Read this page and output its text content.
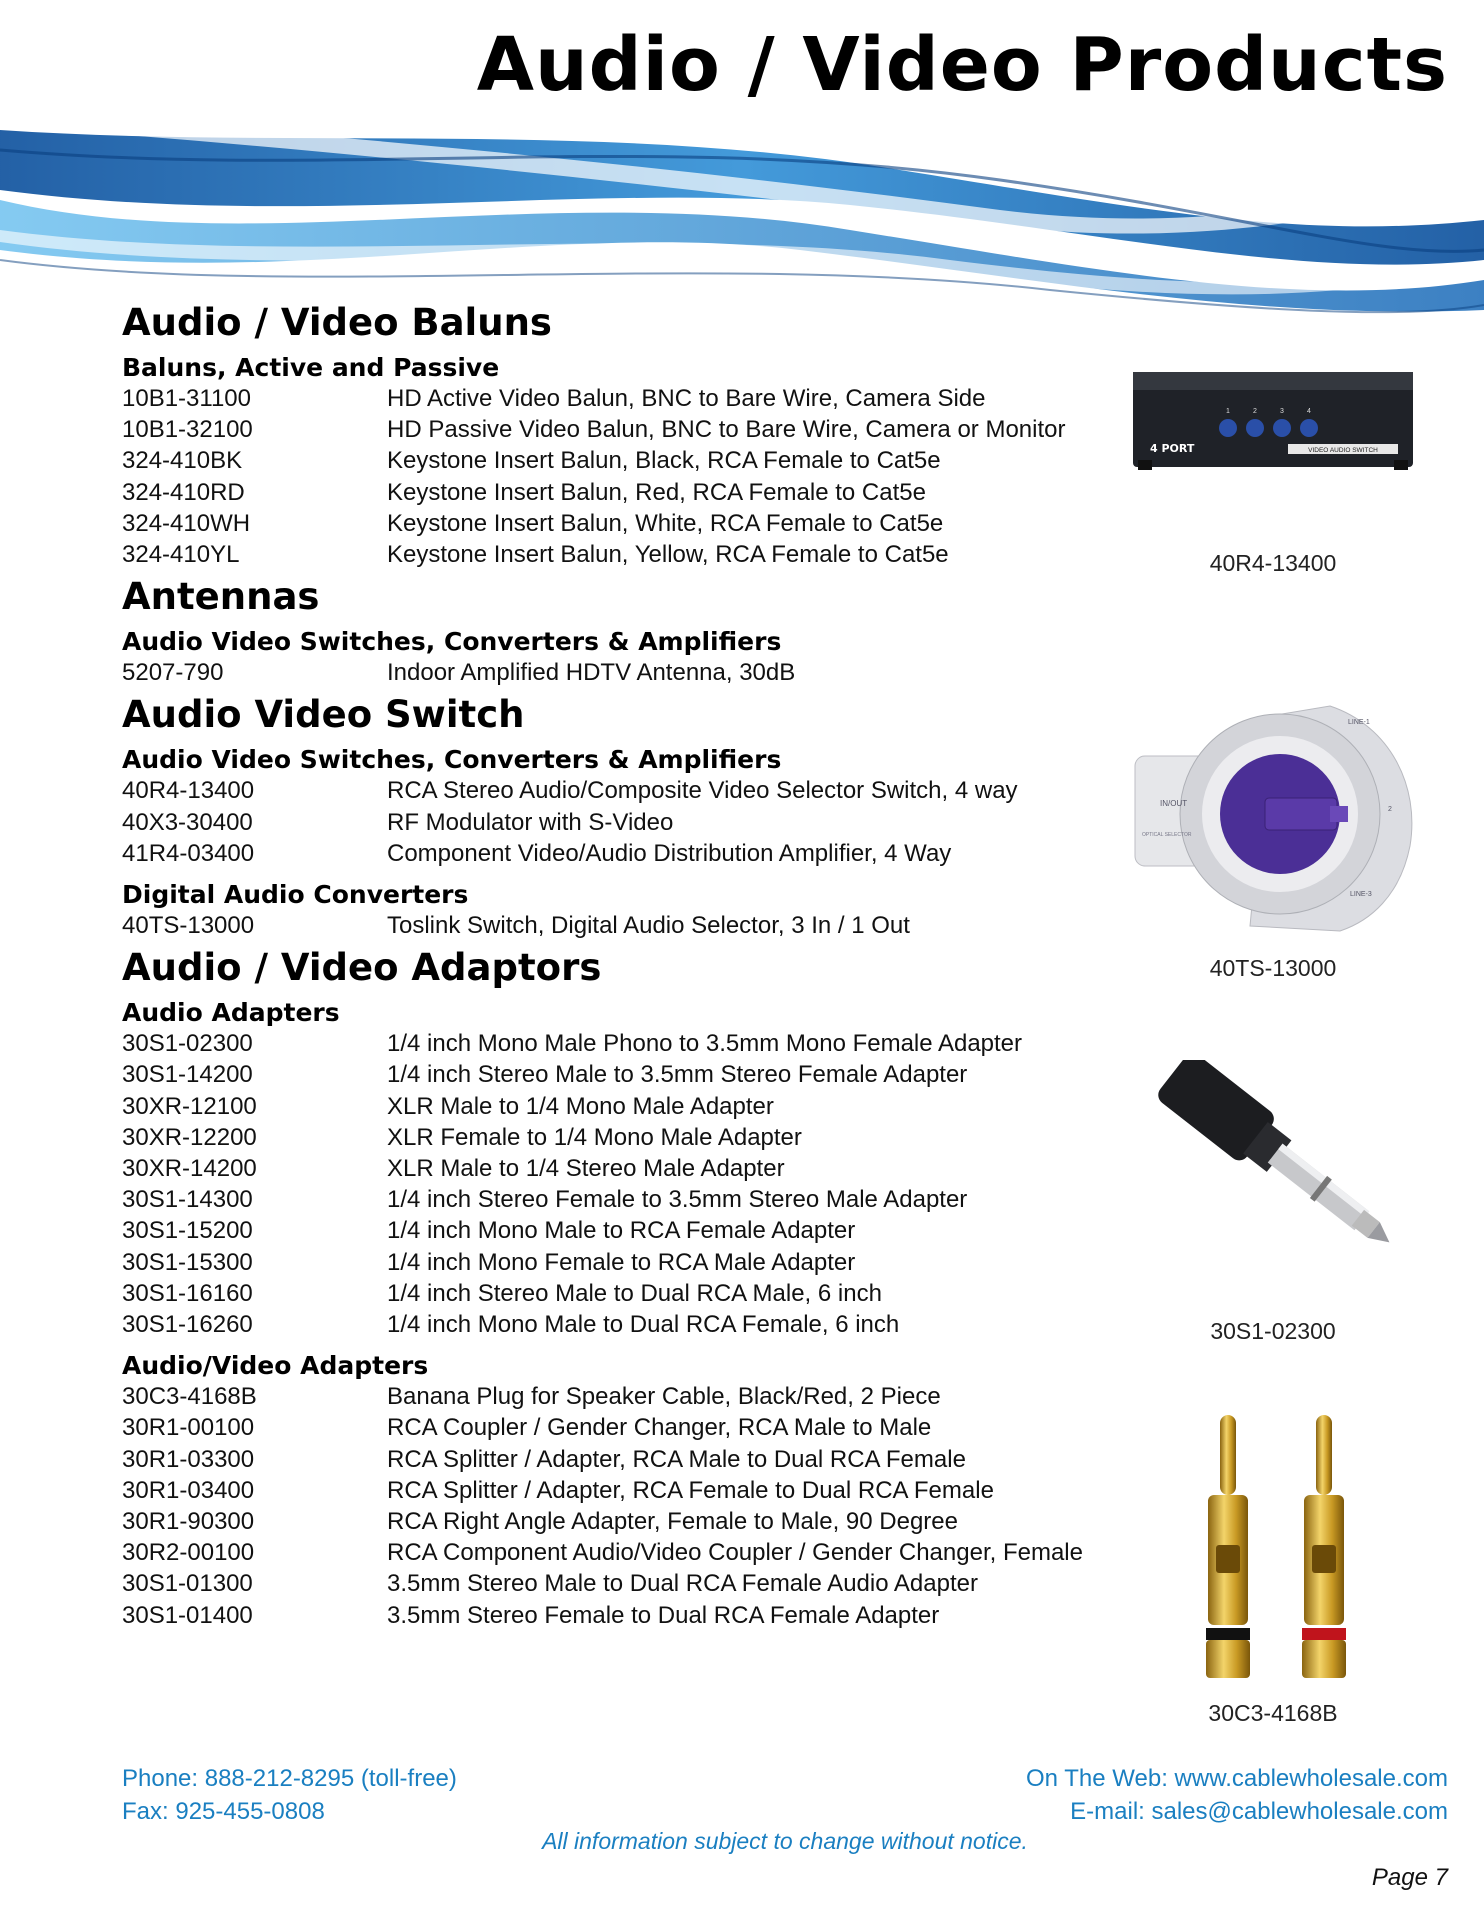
Audio / Video Products
Audio / Video Baluns
Baluns, Active and Passive
10B1-31100	HD Active Video Balun, BNC to Bare Wire, Camera Side
10B1-32100	HD Passive Video Balun, BNC to Bare Wire, Camera or Monitor
324-410BK	Keystone Insert Balun, Black, RCA Female to Cat5e
324-410RD	Keystone Insert Balun, Red, RCA Female to Cat5e
324-410WH	Keystone Insert Balun, White, RCA Female to Cat5e
324-410YL	Keystone Insert Balun, Yellow, RCA Female to Cat5e
Antennas
Audio Video Switches, Converters & Amplifiers
5207-790	Indoor Amplified HDTV Antenna, 30dB
Audio Video Switch
Audio Video Switches, Converters & Amplifiers
40R4-13400	RCA Stereo Audio/Composite Video Selector Switch, 4 way
40X3-30400	RF Modulator with S-Video
41R4-03400	Component Video/Audio Distribution Amplifier, 4 Way
Digital Audio Converters
40TS-13000	Toslink Switch, Digital Audio Selector, 3 In / 1 Out
Audio / Video Adaptors
Audio Adapters
30S1-02300	1/4 inch Mono Male Phono to 3.5mm Mono Female Adapter
30S1-14200	1/4 inch Stereo Male to 3.5mm Stereo Female Adapter
30XR-12100	XLR Male to 1/4 Mono Male Adapter
30XR-12200	XLR Female to 1/4 Mono Male Adapter
30XR-14200	XLR Male to 1/4 Stereo Male Adapter
30S1-14300	1/4 inch Stereo Female to 3.5mm Stereo Male Adapter
30S1-15200	1/4 inch Mono Male to RCA Female Adapter
30S1-15300	1/4 inch Mono Female to RCA Male Adapter
30S1-16160	1/4 inch Stereo Male to Dual RCA Male, 6 inch
30S1-16260	1/4 inch Mono Male to Dual RCA Female, 6 inch
Audio/Video Adapters
30C3-4168B	Banana Plug for Speaker Cable, Black/Red, 2 Piece
30R1-00100	RCA Coupler / Gender Changer, RCA Male to Male
30R1-03300	RCA Splitter / Adapter, RCA Male to Dual RCA Female
30R1-03400	RCA Splitter / Adapter, RCA Female to Dual RCA Female
30R1-90300	RCA Right Angle Adapter, Female to Male, 90 Degree
30R2-00100	RCA Component Audio/Video Coupler / Gender Changer, Female
30S1-01300	3.5mm Stereo Male to Dual RCA Female Audio Adapter
30S1-01400	3.5mm Stereo Female to Dual RCA Female Adapter
1	2	3	4
4 PORT	VIDEO AUDIO SWITCH
40R4-13400
IN/OUT
OPTICAL SELECTOR
LINE-1
2
LINE-3
40TS-13000
30S1-02300
30C3-4168B
Phone: 888-212-8295 (toll-free)
Fax: 925-455-0808
On The Web: www.cablewholesale.com
E-mail: sales@cablewholesale.com
All information subject to change without notice.
Page 7
